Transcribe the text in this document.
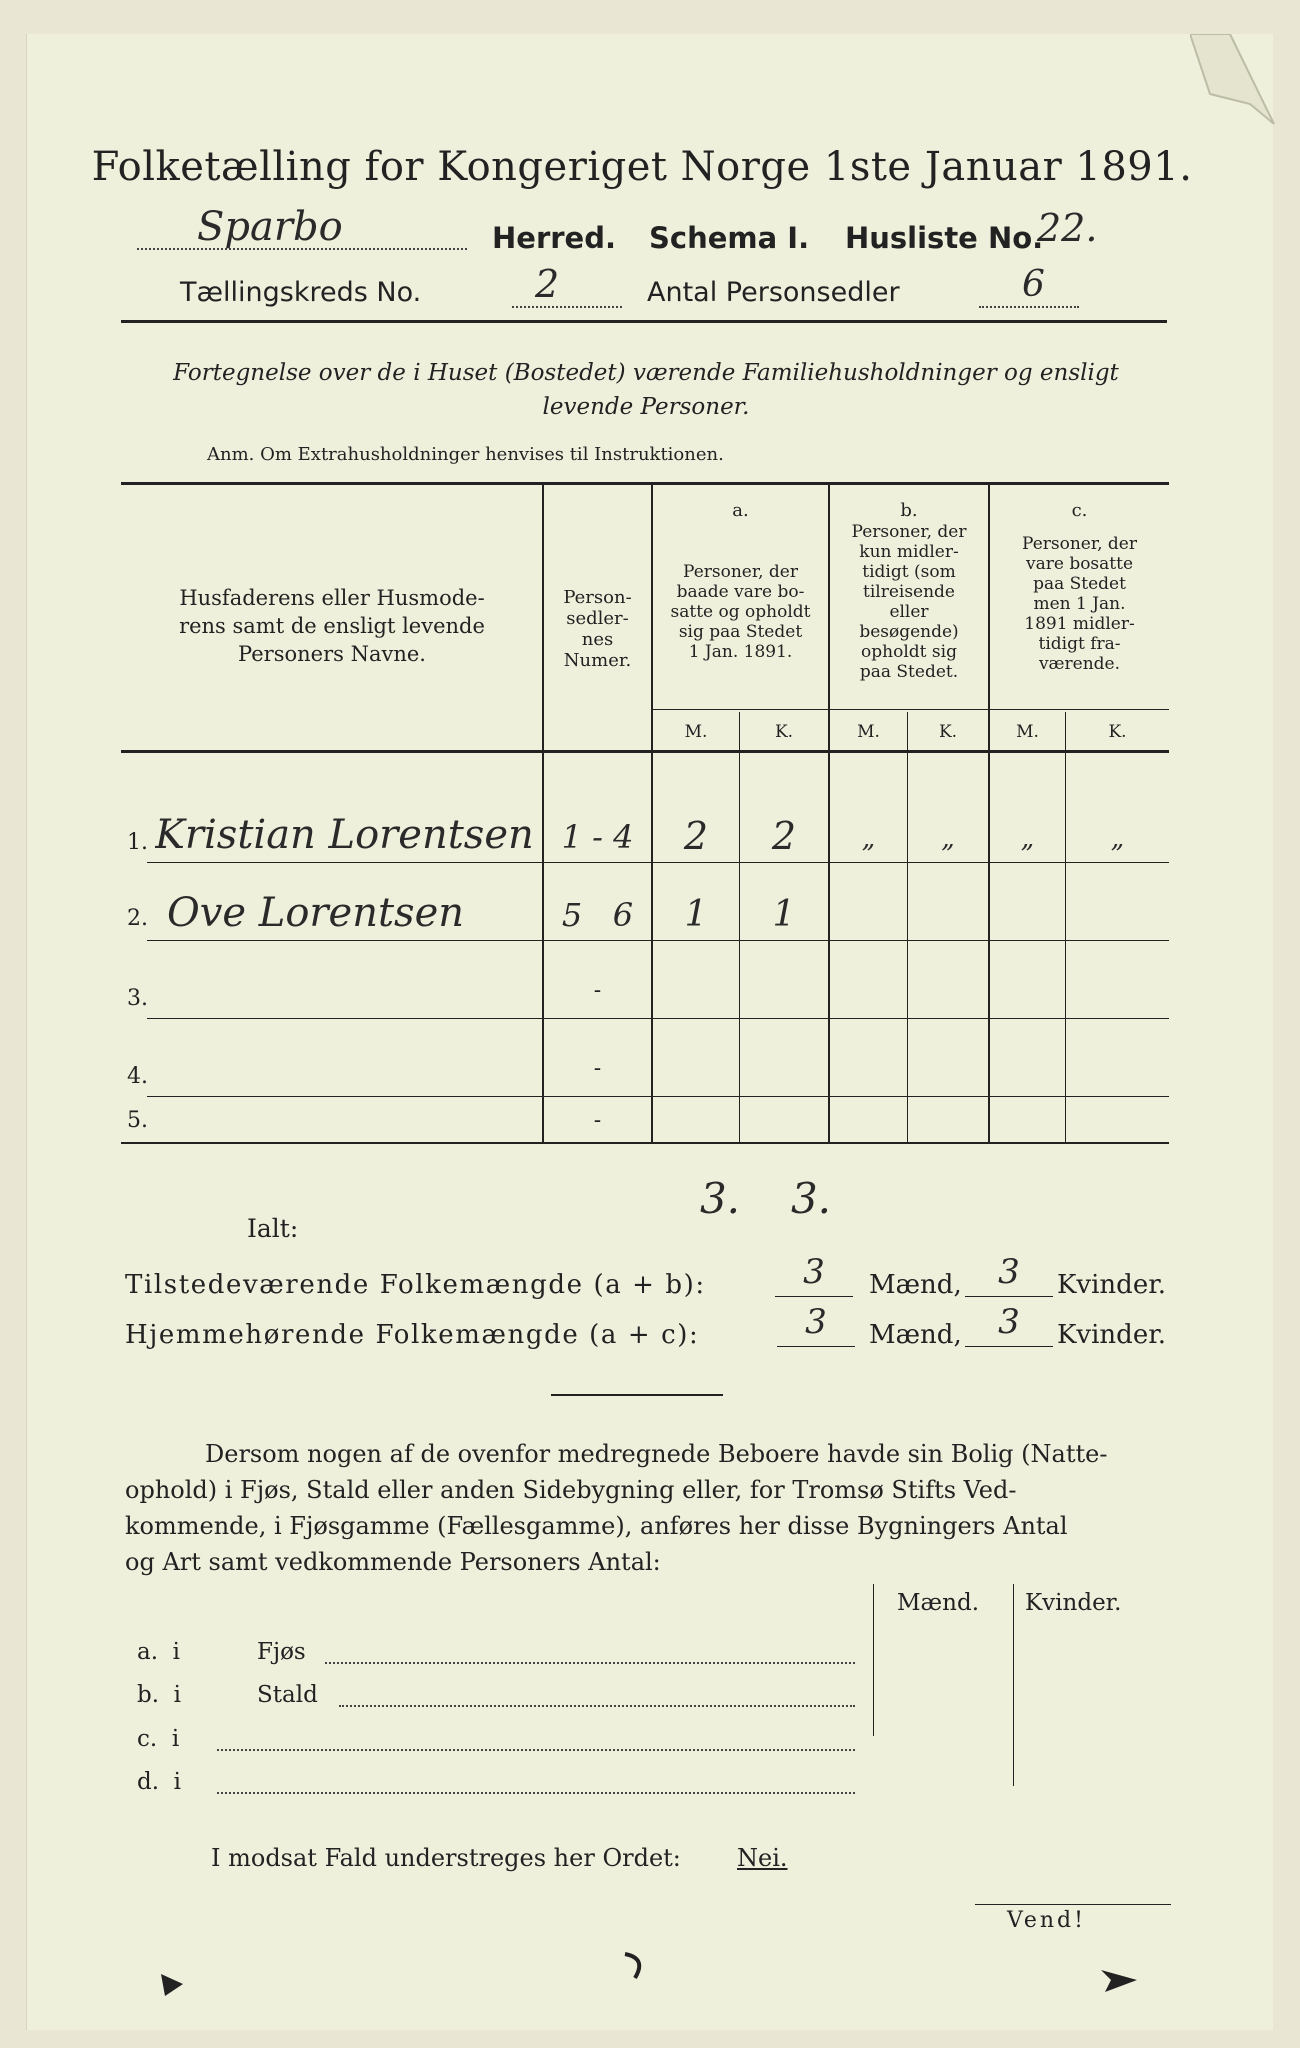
Folketælling for Kongeriget Norge 1ste Januar 1891.
Sparbo	Herred. Schema I. Husliste No.
22.
Tællingskreds No.	2	Antal Personsedler	6
Fortegnelse over de i Huset (Bostedet) værende Familiehusholdninger og ensligt
levende Personer.
Anm. Om Extrahusholdninger henvises til Instruktionen.
Husfaderens eller Husmode-
rens samt de ensligt levende
Personers Navne.
Person-
sedler-
nes
Numer.
a.
Personer, der
baade vare bo-
satte og opholdt
sig paa Stedet
1 Jan. 1891.
b.
Personer, der
kun midler-
tidigt (som
tilreisende
eller
besøgende)
opholdt sig
paa Stedet.
c.
Personer, der
vare bosatte
paa Stedet
men 1 Jan.
1891 midler-
tidigt fra-
værende.
M.	K.	M.	K.	M.	K.
1. Kristian Lorentsen 1 - 4	2	2	„	„	„	„
2. Ove Lorentsen	5   6	1	1
3.	-
4.	-
5.	-
Ialt:
3.	3.
Tilstedeværende Folkemængde (a + b):	3	Mænd,	3	Kvinder.
Hjemmehørende Folkemængde (a + c):	3	Mænd,	3	Kvinder.
Dersom nogen af de ovenfor medregnede Beboere havde sin Bolig (Natte-
ophold) i Fjøs, Stald eller anden Sidebygning eller, for Tromsø Stifts Ved-
kommende, i Fjøsgamme (Fællesgamme), anføres her disse Bygningers Antal
og Art samt vedkommende Personers Antal:
Mænd. Kvinder.
a.  i	Fjøs
b.  i	Stald
c.  i
d.  i
I modsat Fald understreges her Ordet: Nei.
Vend!
